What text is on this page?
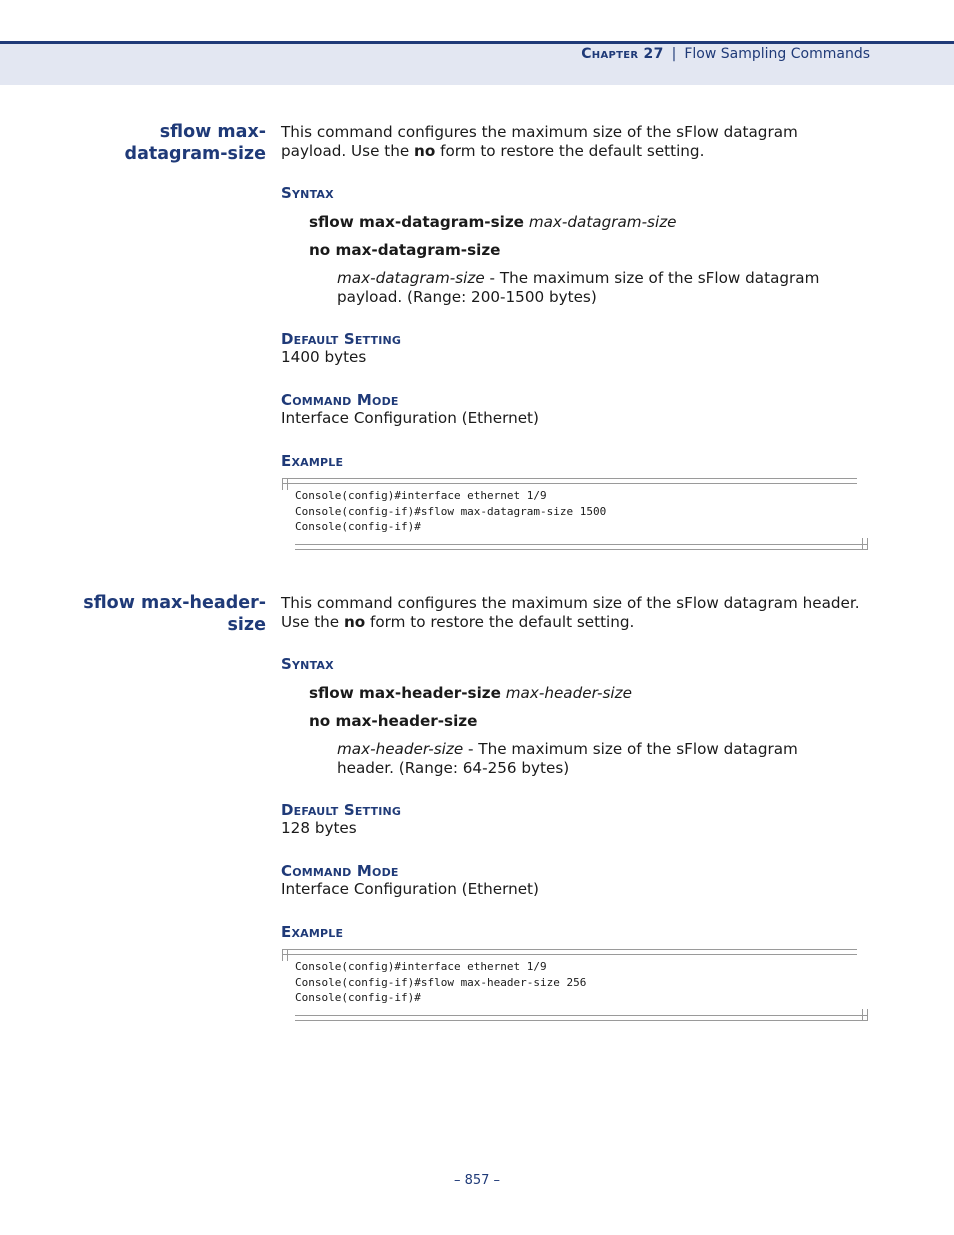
Chapter 27 | Flow Sampling Commands
sflow max-
datagram-size

This command configures the maximum size of the sFlow datagram

payload. Use the no form to restore the default setting.

Syntax

sflow max-datagram-size max-datagram-size

no max-datagram-size

max-datagram-size - The maximum size of the sFlow datagram

payload. (Range: 200-1500 bytes)

Default Setting

1400 bytes

Command Mode

Interface Configuration (Ethernet)

Example

Console(config)#interface ethernet 1/9
Console(config-if)#sflow max-datagram-size 1500
Console(config-if)#
sflow max-header-
size

This command configures the maximum size of the sFlow datagram header.

Use the no form to restore the default setting.

Syntax

sflow max-header-size max-header-size

no max-header-size

max-header-size - The maximum size of the sFlow datagram

header. (Range: 64-256 bytes)

Default Setting

128 bytes

Command Mode

Interface Configuration (Ethernet)

Example

Console(config)#interface ethernet 1/9
Console(config-if)#sflow max-header-size 256
Console(config-if)#
– 857 –
